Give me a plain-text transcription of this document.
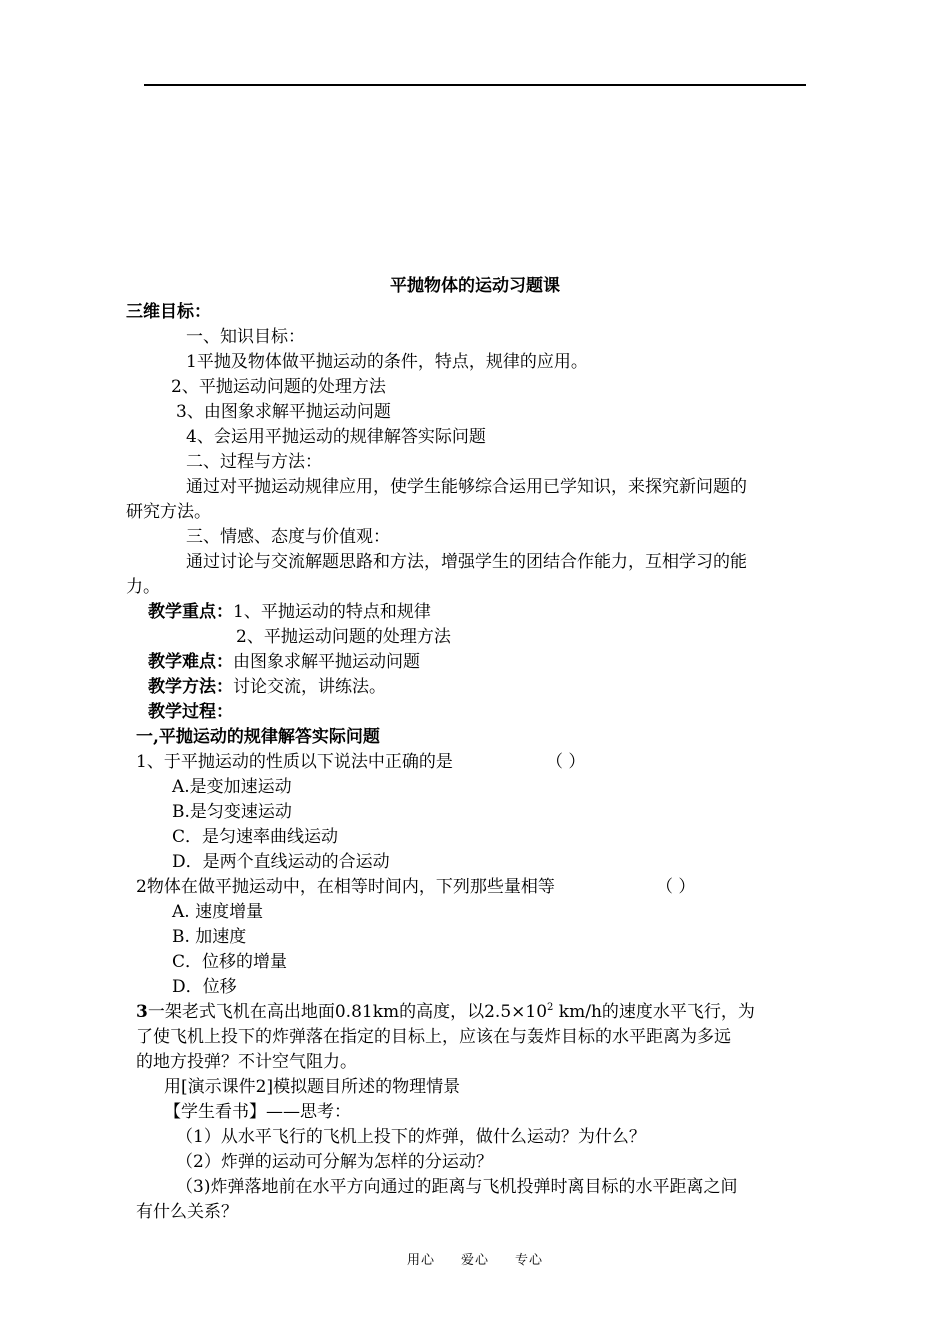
平抛物体的运动习题课
三维目标：
一、知识目标：
1平抛及物体做平抛运动的条件，特点，规律的应用。
2、平抛运动问题的处理方法
3、由图象求解平抛运动问题
4、会运用平抛运动的规律解答实际问题
二、过程与方法：
通过对平抛运动规律应用，使学生能够综合运用已学知识，来探究新问题的
研究方法。
三、情感、态度与价值观：
通过讨论与交流解题思路和方法，增强学生的团结合作能力，互相学习的能
力。
教学重点：1、平抛运动的特点和规律
2、平抛运动问题的处理方法
教学难点：由图象求解平抛运动问题
教学方法：讨论交流，讲练法。
教学过程：
一,平抛运动的规律解答实际问题
1、于平抛运动的性质以下说法中正确的是	（ ）
A.是变加速运动
B.是匀变速运动
C．是匀速率曲线运动
D．是两个直线运动的合运动
2物体在做平抛运动中，在相等时间内，下列那些量相等	（ ）
A. 速度增量
B. 加速度
C．位移的增量
D．位移
3一架老式飞机在高出地面0.81km的高度，以$2.5\times 10^2$ km/h的速度水平飞行，为
了使飞机上投下的炸弹落在指定的目标上，应该在与轰炸目标的水平距离为多远
的地方投弹？不计空气阻力。
用[演示课件2]模拟题目所述的物理情景
【学生看书】——思考：
（1）从水平飞行的飞机上投下的炸弹，做什么运动？为什么？
（2）炸弹的运动可分解为怎样的分运动？
（3)炸弹落地前在水平方向通过的距离与飞机投弹时离目标的水平距离之间
有什么关系？
用心 爱心 专心
